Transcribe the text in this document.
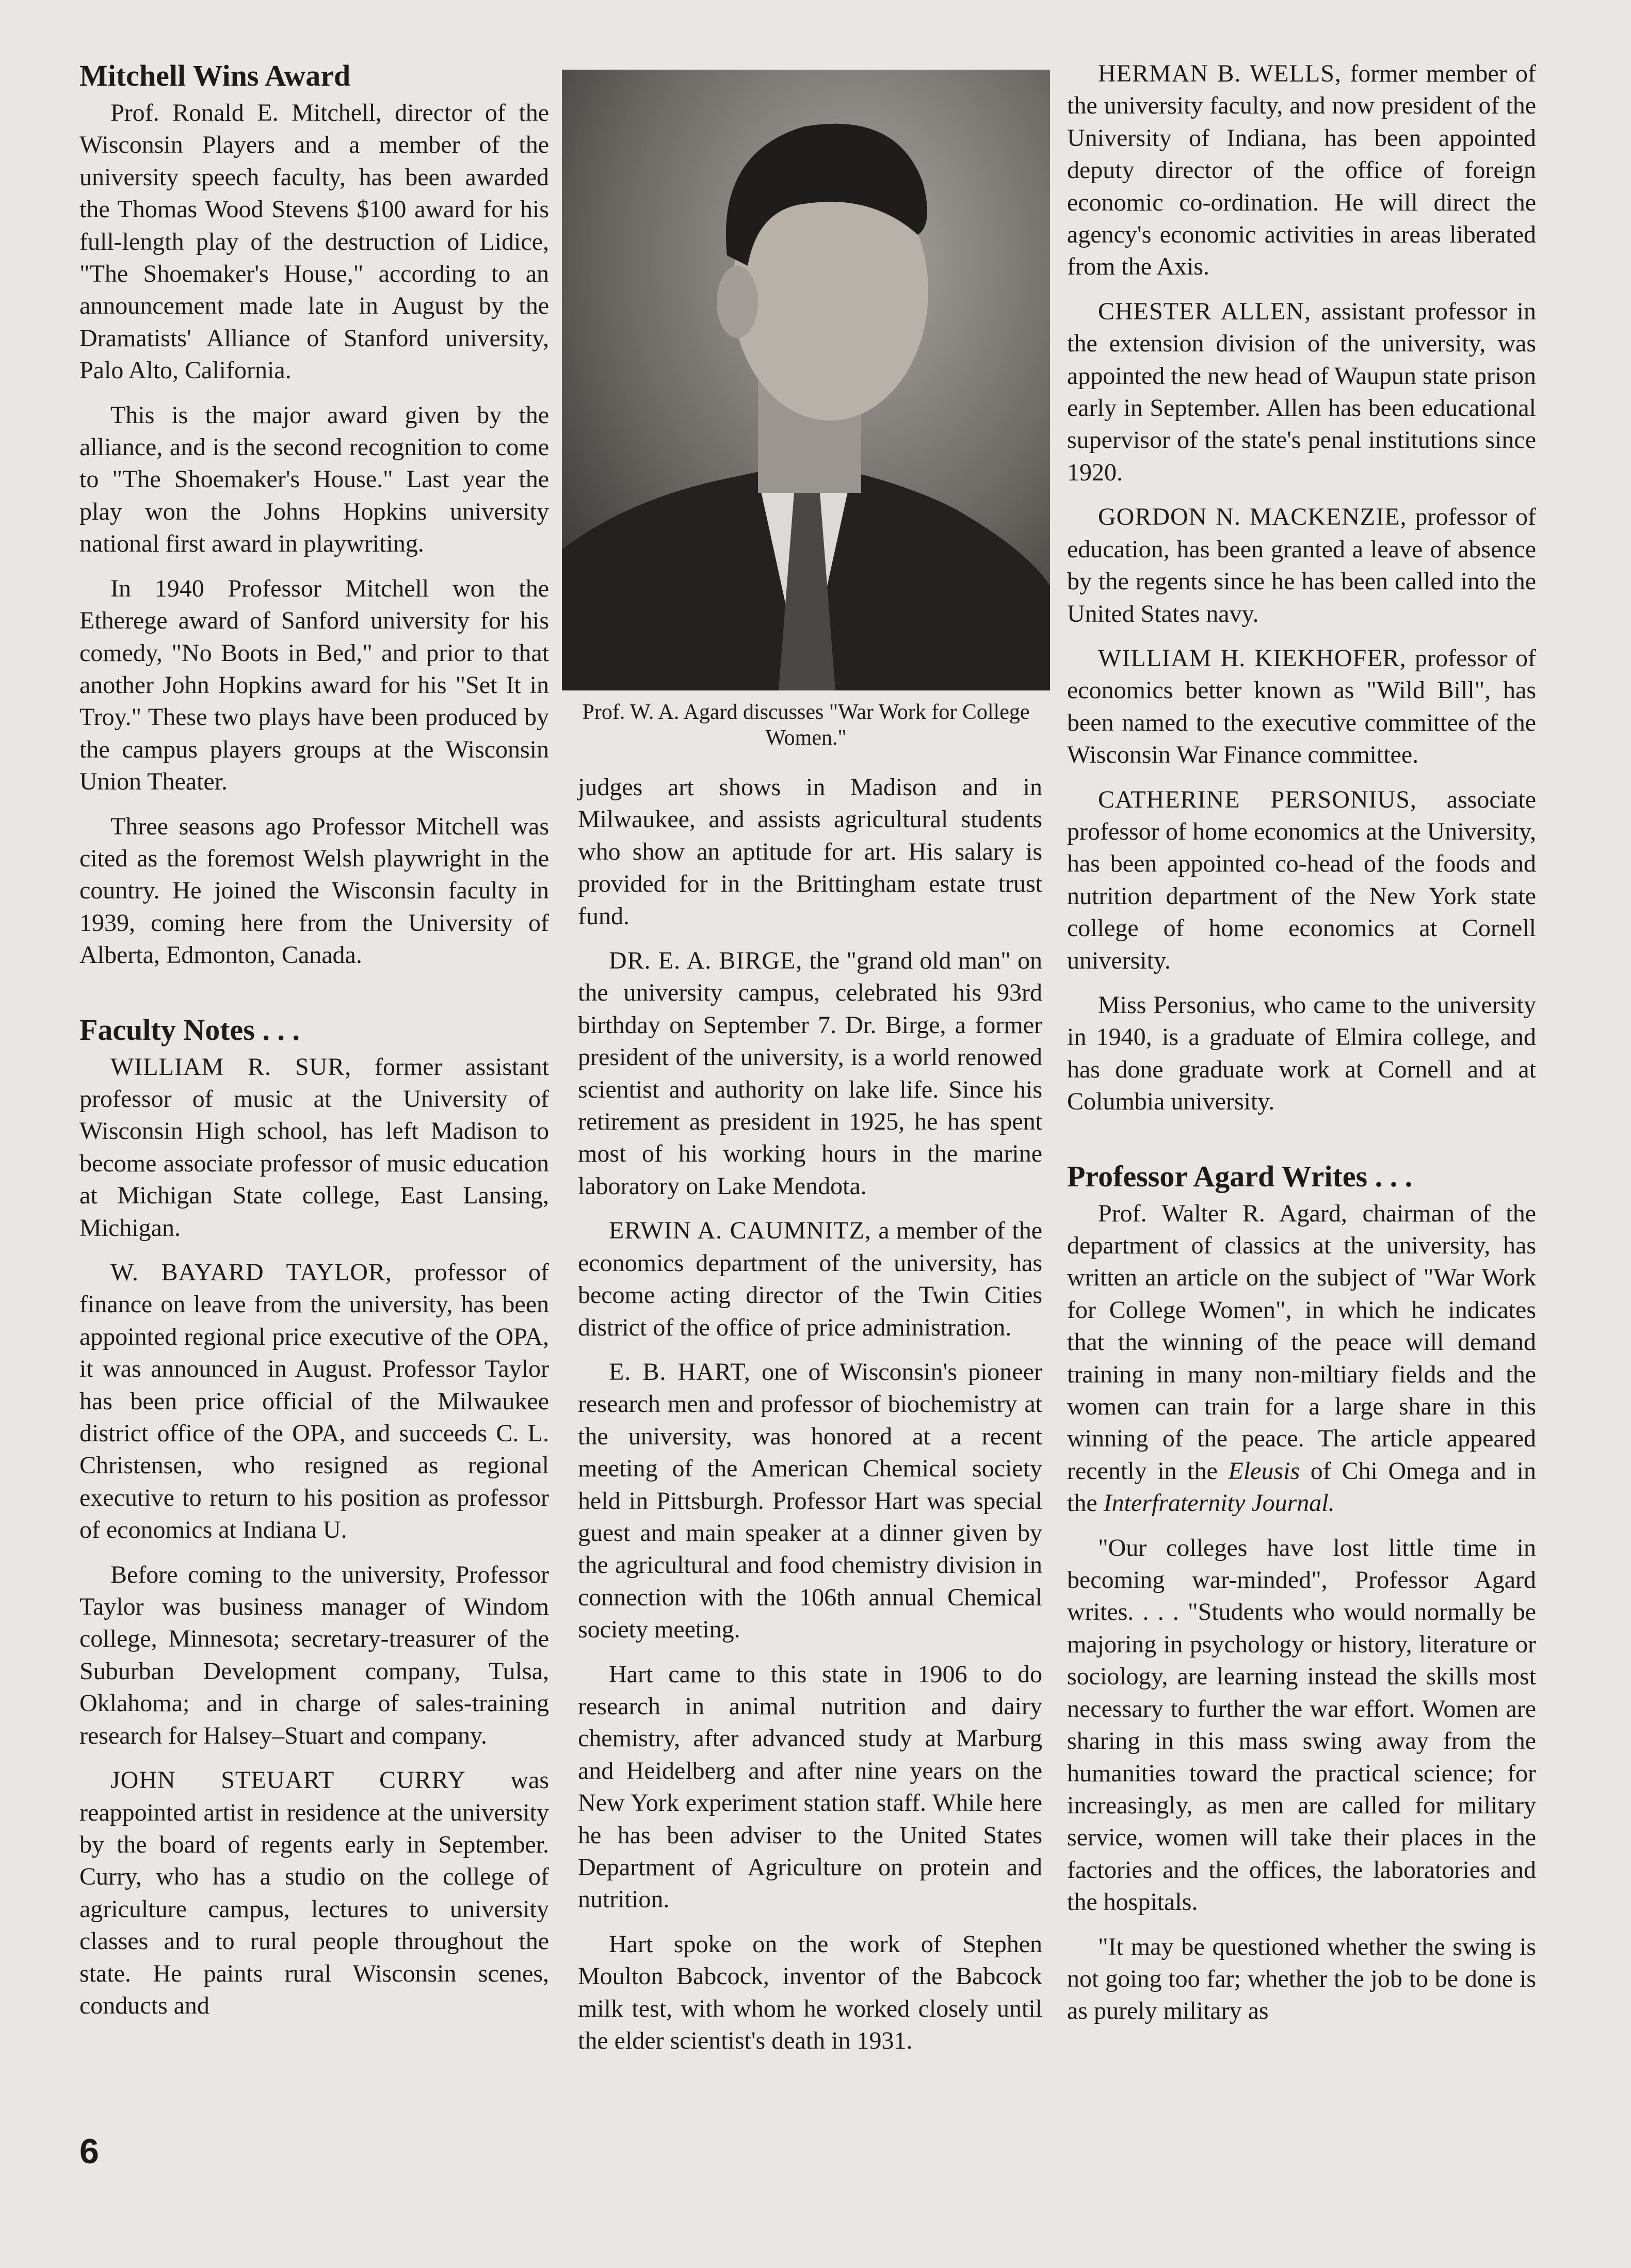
Mitchell Wins Award

Prof. Ronald E. Mitchell, director of the Wisconsin Players and a member of the university speech faculty, has been awarded the Thomas Wood Stevens $100 award for his full-length play of the destruction of Lidice, "The Shoemaker's House," according to an announcement made late in August by the Dramatists' Alliance of Stanford university, Palo Alto, California.

This is the major award given by the alliance, and is the second recognition to come to "The Shoemaker's House." Last year the play won the Johns Hopkins university national first award in playwriting.

In 1940 Professor Mitchell won the Etherege award of Sanford university for his comedy, "No Boots in Bed," and prior to that another John Hopkins award for his "Set It in Troy." These two plays have been produced by the campus players groups at the Wisconsin Union Theater.

Three seasons ago Professor Mitchell was cited as the foremost Welsh playwright in the country. He joined the Wisconsin faculty in 1939, coming here from the University of Alberta, Edmonton, Canada.

Faculty Notes . . .

WILLIAM R. SUR, former assistant professor of music at the University of Wisconsin High school, has left Madison to become associate professor of music education at Michigan State college, East Lansing, Michigan.

W. BAYARD TAYLOR, professor of finance on leave from the university, has been appointed regional price executive of the OPA, it was announced in August. Professor Taylor has been price official of the Milwaukee district office of the OPA, and succeeds C. L. Christensen, who resigned as regional executive to return to his position as professor of economics at Indiana U.

Before coming to the university, Professor Taylor was business manager of Windom college, Minnesota; secretary-treasurer of the Suburban Development company, Tulsa, Oklahoma; and in charge of sales-training research for Halsey–Stuart and company.

JOHN STEUART CURRY was reappointed artist in residence at the university by the board of regents early in September. Curry, who has a studio on the college of agriculture campus, lectures to university classes and to rural people throughout the state. He paints rural Wisconsin scenes, conducts and

Prof. W. A. Agard discusses "War Work for College Women."

judges art shows in Madison and in Milwaukee, and assists agricultural students who show an aptitude for art. His salary is provided for in the Brittingham estate trust fund.

DR. E. A. BIRGE, the "grand old man" on the university campus, celebrated his 93rd birthday on September 7. Dr. Birge, a former president of the university, is a world renowed scientist and authority on lake life. Since his retirement as president in 1925, he has spent most of his working hours in the marine laboratory on Lake Mendota.

ERWIN A. CAUMNITZ, a member of the economics department of the university, has become acting director of the Twin Cities district of the office of price administration.

E. B. HART, one of Wisconsin's pioneer research men and professor of biochemistry at the university, was honored at a recent meeting of the American Chemical society held in Pittsburgh. Professor Hart was special guest and main speaker at a dinner given by the agricultural and food chemistry division in connection with the 106th annual Chemical society meeting.

Hart came to this state in 1906 to do research in animal nutrition and dairy chemistry, after advanced study at Marburg and Heidelberg and after nine years on the New York experiment station staff. While here he has been adviser to the United States Department of Agriculture on protein and nutrition.

Hart spoke on the work of Stephen Moulton Babcock, inventor of the Babcock milk test, with whom he worked closely until the elder scientist's death in 1931.

HERMAN B. WELLS, former member of the university faculty, and now president of the University of Indiana, has been appointed deputy director of the office of foreign economic co-ordination. He will direct the agency's economic activities in areas liberated from the Axis.

CHESTER ALLEN, assistant professor in the extension division of the university, was appointed the new head of Waupun state prison early in September. Allen has been educational supervisor of the state's penal institutions since 1920.

GORDON N. MACKENZIE, professor of education, has been granted a leave of absence by the regents since he has been called into the United States navy.

WILLIAM H. KIEKHOFER, professor of economics better known as "Wild Bill", has been named to the executive committee of the Wisconsin War Finance committee.

CATHERINE PERSONIUS, associate professor of home economics at the University, has been appointed co-head of the foods and nutrition department of the New York state college of home economics at Cornell university.

Miss Personius, who came to the university in 1940, is a graduate of Elmira college, and has done graduate work at Cornell and at Columbia university.

Professor Agard Writes . . .

Prof. Walter R. Agard, chairman of the department of classics at the university, has written an article on the subject of "War Work for College Women", in which he indicates that the winning of the peace will demand training in many non-miltiary fields and the women can train for a large share in this winning of the peace. The article appeared recently in the Eleusis of Chi Omega and in the Interfraternity Journal.

"Our colleges have lost little time in becoming war-minded", Professor Agard writes. . . . "Students who would normally be majoring in psychology or history, literature or sociology, are learning instead the skills most necessary to further the war effort. Women are sharing in this mass swing away from the humanities toward the practical science; for increasingly, as men are called for military service, women will take their places in the factories and the offices, the laboratories and the hospitals.

"It may be questioned whether the swing is not going too far; whether the job to be done is as purely military as

6
